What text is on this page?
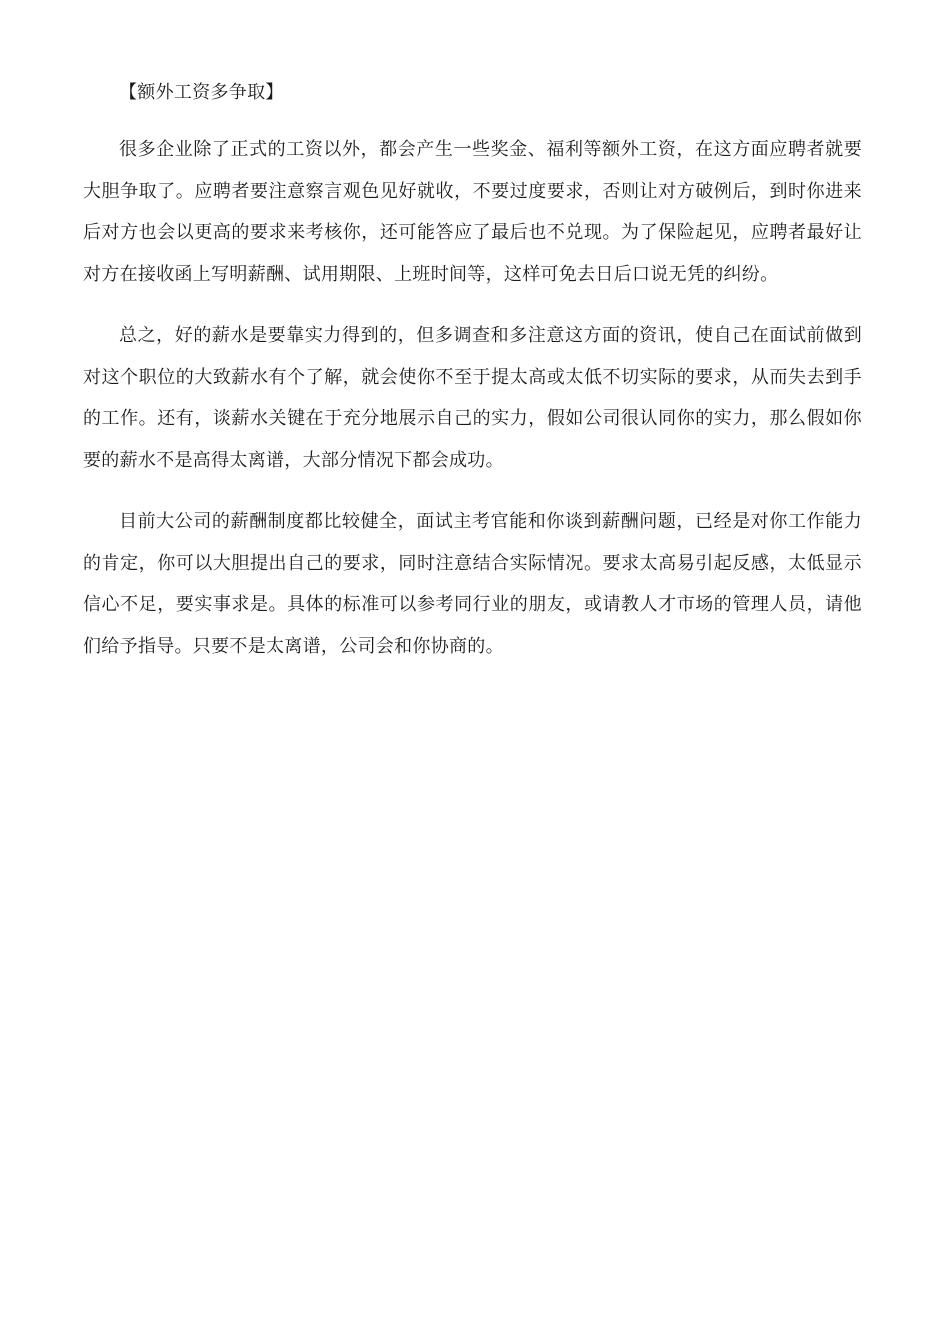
【额外工资多争取】

很多企业除了正式的工资以外，都会产生一些奖金、福利等额外工资，在这方面应聘者就要大胆争取了。应聘者要注意察言观色见好就收，不要过度要求，否则让对方破例后，到时你进来后对方也会以更高的要求来考核你，还可能答应了最后也不兑现。为了保险起见，应聘者最好让对方在接收函上写明薪酬、试用期限、上班时间等，这样可免去日后口说无凭的纠纷。

总之，好的薪水是要靠实力得到的，但多调查和多注意这方面的资讯，使自己在面试前做到对这个职位的大致薪水有个了解，就会使你不至于提太高或太低不切实际的要求，从而失去到手的工作。还有，谈薪水关键在于充分地展示自己的实力，假如公司很认同你的实力，那么假如你要的薪水不是高得太离谱，大部分情况下都会成功。

目前大公司的薪酬制度都比较健全，面试主考官能和你谈到薪酬问题，已经是对你工作能力的肯定，你可以大胆提出自己的要求，同时注意结合实际情况。要求太高易引起反感，太低显示信心不足，要实事求是。具体的标准可以参考同行业的朋友，或请教人才市场的管理人员，请他们给予指导。只要不是太离谱，公司会和你协商的。
